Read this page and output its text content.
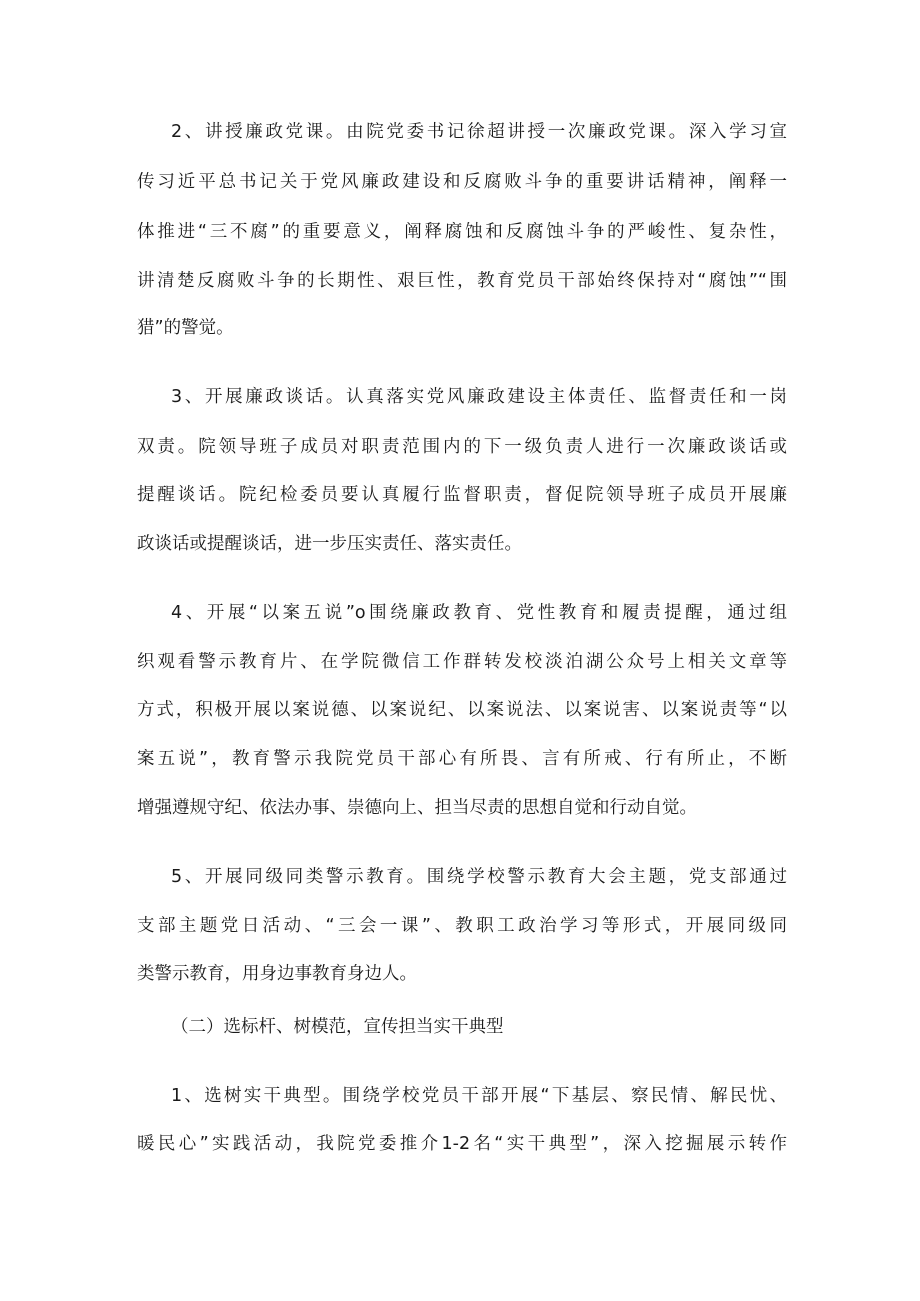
2、讲授廉政党课。由院党委书记徐超讲授一次廉政党课。深入学习宣

传习近平总书记关于党风廉政建设和反腐败斗争的重要讲话精神，阐释一

体推进“三不腐”的重要意义，阐释腐蚀和反腐蚀斗争的严峻性、复杂性，

讲清楚反腐败斗争的长期性、艰巨性，教育党员干部始终保持对“腐蚀”“围

猎”的警觉。

3、开展廉政谈话。认真落实党风廉政建设主体责任、监督责任和一岗

双责。院领导班子成员对职责范围内的下一级负责人进行一次廉政谈话或

提醒谈话。院纪检委员要认真履行监督职责，督促院领导班子成员开展廉

政谈话或提醒谈话，进一步压实责任、落实责任。

4、开展“以案五说”o围绕廉政教育、党性教育和履责提醒，通过组

织观看警示教育片、在学院微信工作群转发校淡泊湖公众号上相关文章等

方式，积极开展以案说德、以案说纪、以案说法、以案说害、以案说责等“以

案五说”，教育警示我院党员干部心有所畏、言有所戒、行有所止，不断

增强遵规守纪、依法办事、崇德向上、担当尽责的思想自觉和行动自觉。

5、开展同级同类警示教育。围绕学校警示教育大会主题，党支部通过

支部主题党日活动、“三会一课”、教职工政治学习等形式，开展同级同

类警示教育，用身边事教育身边人。

（二）选标杆、树模范，宣传担当实干典型

1、选树实干典型。围绕学校党员干部开展“下基层、察民情、解民忧、

暖民心”实践活动，我院党委推介1-2名“实干典型”，深入挖掘展示转作
